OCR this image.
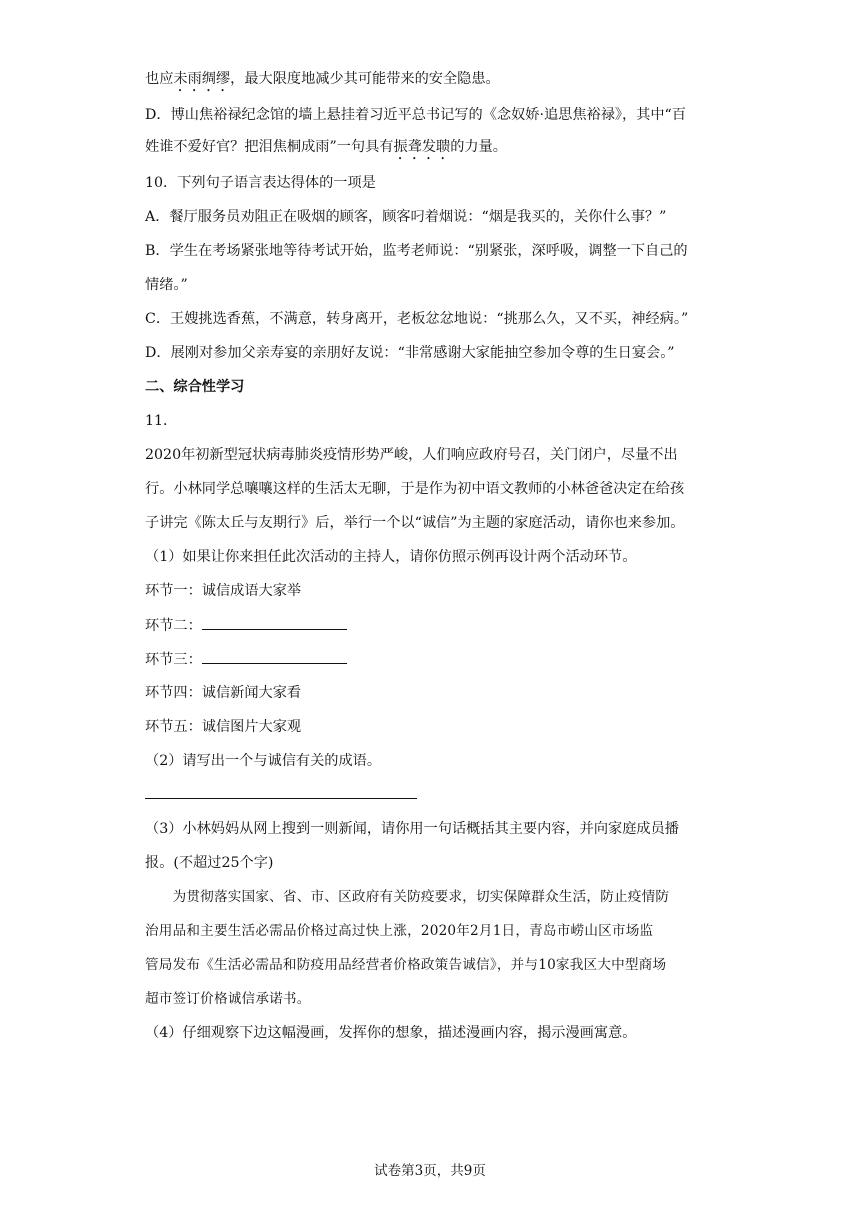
也应未雨绸缪，最大限度地减少其可能带来的安全隐患。
D．博山焦裕禄纪念馆的墙上悬挂着习近平总书记写的《念奴娇·追思焦裕禄》，其中“百
姓谁不爱好官？把泪焦桐成雨”一句具有振聋发聩的力量。
10．下列句子语言表达得体的一项是
A．餐厅服务员劝阻正在吸烟的顾客，顾客叼着烟说：“烟是我买的，关你什么事？”
B．学生在考场紧张地等待考试开始，监考老师说：“别紧张，深呼吸，调整一下自己的
情绪。”
C．王嫂挑选香蕉，不满意，转身离开，老板忿忿地说：“挑那么久，又不买，神经病。”
D．展刚对参加父亲寿宴的亲朋好友说：“非常感谢大家能抽空参加令尊的生日宴会。”
二、综合性学习
11．
2020年初新型冠状病毒肺炎疫情形势严峻，人们响应政府号召，关门闭户，尽量不出
行。小林同学总嚷嚷这样的生活太无聊，于是作为初中语文教师的小林爸爸决定在给孩
子讲完《陈太丘与友期行》后，举行一个以“诚信”为主题的家庭活动，请你也来参加。
（1）如果让你来担任此次活动的主持人，请你仿照示例再设计两个活动环节。
环节一：诚信成语大家举
环节二：
环节三：
环节四：诚信新闻大家看
环节五：诚信图片大家观
（2）请写出一个与诚信有关的成语。
（3）小林妈妈从网上搜到一则新闻，请你用一句话概括其主要内容，并向家庭成员播
报。(不超过25个字)
　　为贯彻落实国家、省、市、区政府有关防疫要求，切实保障群众生活，防止疫情防
治用品和主要生活必需品价格过高过快上涨，2020年2月1日，青岛市崂山区市场监
管局发布《生活必需品和防疫用品经营者价格政策告诚信》，并与10家我区大中型商场
超市签订价格诚信承诺书。
（4）仔细观察下边这幅漫画，发挥你的想象，描述漫画内容，揭示漫画寓意。
试卷第3页，共9页
